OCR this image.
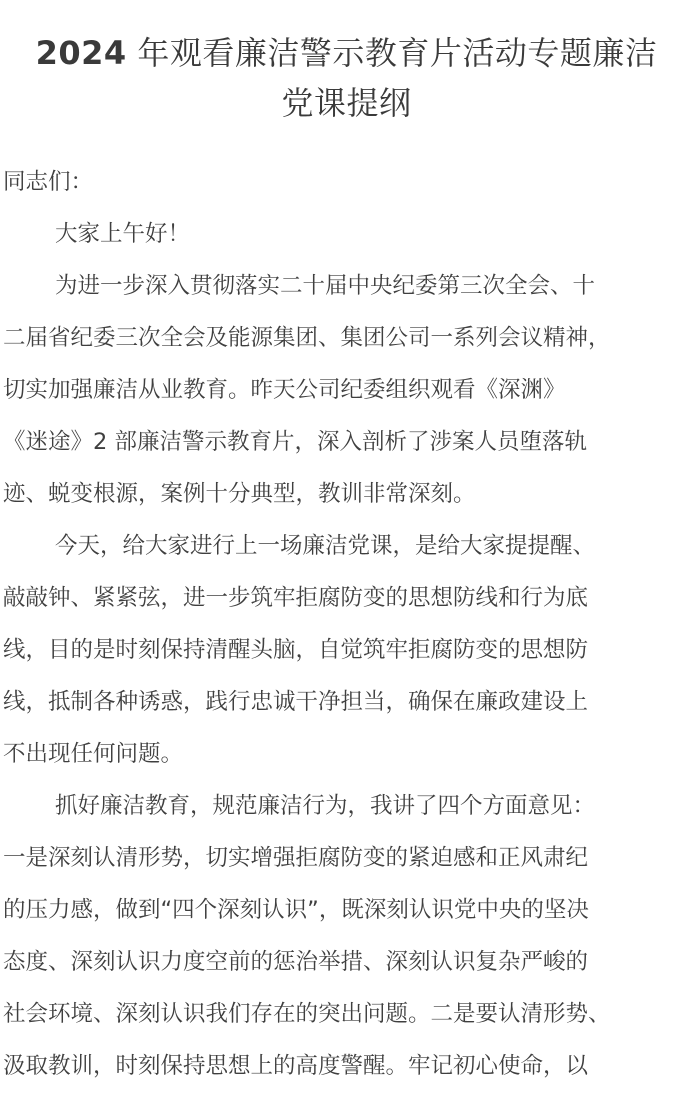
2024 年观看廉洁警示教育片活动专题廉洁
党课提纲

同志们：

大家上午好！

为进一步深入贯彻落实二十届中央纪委第三次全会、十
二届省纪委三次全会及能源集团、集团公司一系列会议精神，
切实加强廉洁从业教育。昨天公司纪委组织观看《深渊》
《迷途》2 部廉洁警示教育片，深入剖析了涉案人员堕落轨
迹、蜕变根源，案例十分典型，教训非常深刻。

今天，给大家进行上一场廉洁党课，是给大家提提醒、
敲敲钟、紧紧弦，进一步筑牢拒腐防变的思想防线和行为底
线，目的是时刻保持清醒头脑，自觉筑牢拒腐防变的思想防
线，抵制各种诱惑，践行忠诚干净担当，确保在廉政建设上
不出现任何问题。

抓好廉洁教育，规范廉洁行为，我讲了四个方面意见：
一是深刻认清形势，切实增强拒腐防变的紧迫感和正风肃纪
的压力感，做到“四个深刻认识”，既深刻认识党中央的坚决
态度、深刻认识力度空前的惩治举措、深刻认识复杂严峻的
社会环境、深刻认识我们存在的突出问题。二是要认清形势、
汲取教训，时刻保持思想上的高度警醒。牢记初心使命，以
